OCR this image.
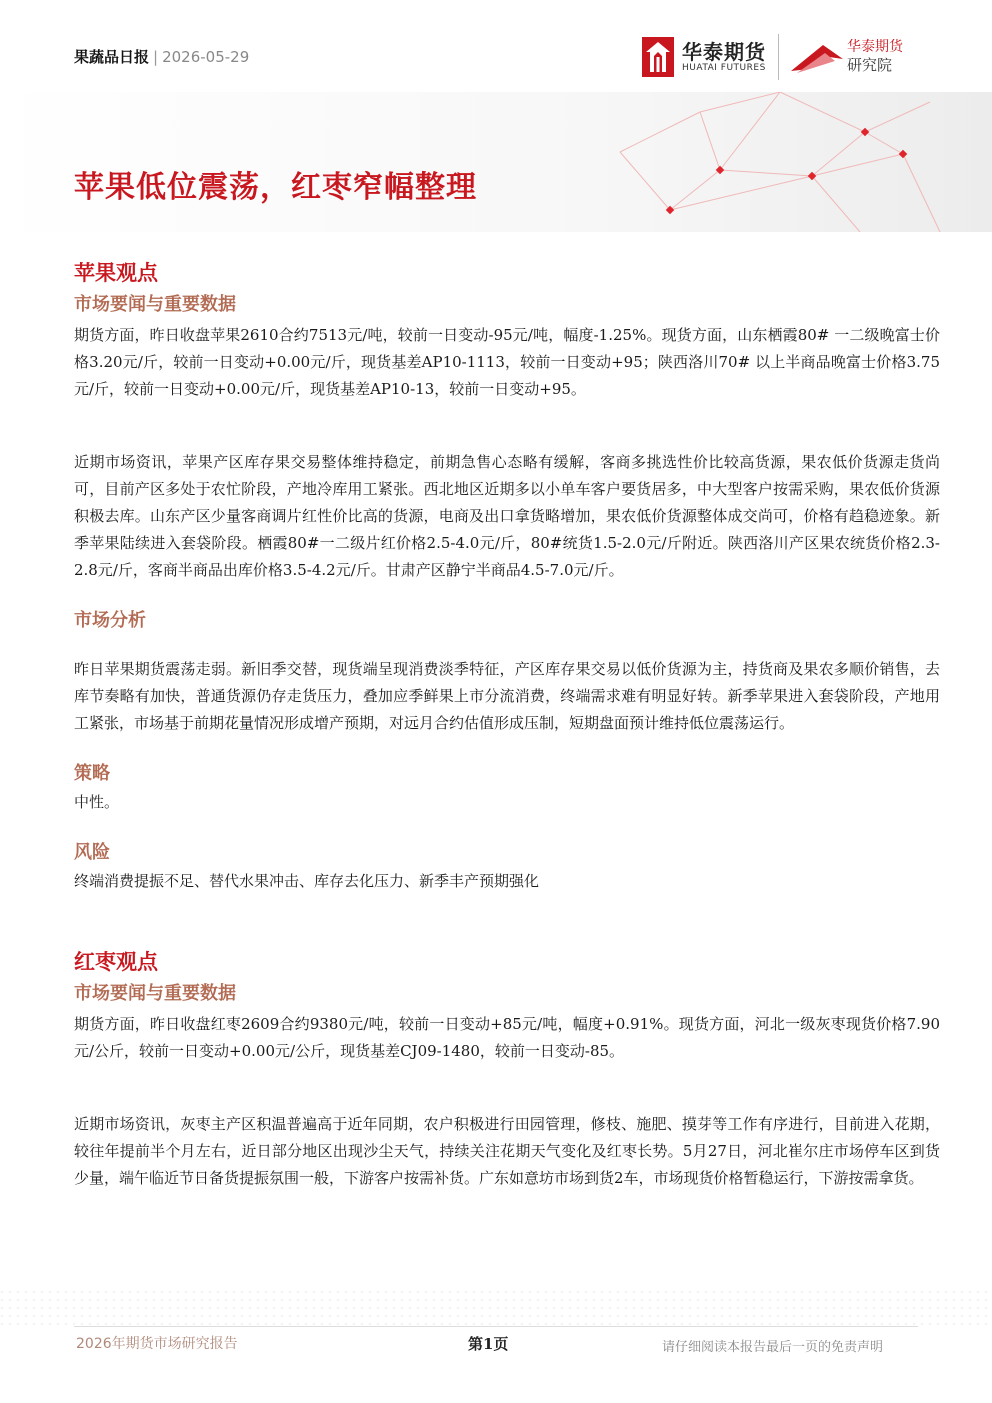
果蔬品日报 | 2026-05-29	华泰期货
HUATAI FUTURES
华泰期货
研究院
苹果低位震荡，红枣窄幅整理
苹果观点
市场要闻与重要数据

期货方面，昨日收盘苹果2610合约7513元/吨，较前一日变动-95元/吨，幅度-1.25%。现货方面，山东栖霞80# 一二级晚富士价格3.20元/斤，较前一日变动+0.00元/斤，现货基差AP10-1113，较前一日变动+95；陕西洛川70# 以上半商品晚富士价格3.75元/斤，较前一日变动+0.00元/斤，现货基差AP10-13，较前一日变动+95。

近期市场资讯，苹果产区库存果交易整体维持稳定，前期急售心态略有缓解，客商多挑选性价比较高货源，果农低价货源走货尚可，目前产区多处于农忙阶段，产地冷库用工紧张。西北地区近期多以小单车客户要货居多，中大型客户按需采购，果农低价货源积极去库。山东产区少量客商调片红性价比高的货源，电商及出口拿货略增加，果农低价货源整体成交尚可，价格有趋稳迹象。新季苹果陆续进入套袋阶段。栖霞80#一二级片红价格2.5-4.0元/斤，80#统货1.5-2.0元/斤附近。陕西洛川产区果农统货价格2.3-2.8元/斤，客商半商品出库价格3.5-4.2元/斤。甘肃产区静宁半商品4.5-7.0元/斤。

市场分析

昨日苹果期货震荡走弱。新旧季交替，现货端呈现消费淡季特征，产区库存果交易以低价货源为主，持货商及果农多顺价销售，去库节奏略有加快，普通货源仍存走货压力，叠加应季鲜果上市分流消费，终端需求难有明显好转。新季苹果进入套袋阶段，产地用工紧张，市场基于前期花量情况形成增产预期，对远月合约估值形成压制，短期盘面预计维持低位震荡运行。

策略

中性。

风险

终端消费提振不足、替代水果冲击、库存去化压力、新季丰产预期强化

红枣观点
市场要闻与重要数据

期货方面，昨日收盘红枣2609合约9380元/吨，较前一日变动+85元/吨，幅度+0.91%。现货方面，河北一级灰枣现货价格7.90元/公斤，较前一日变动+0.00元/公斤，现货基差CJ09-1480，较前一日变动-85。

近期市场资讯，灰枣主产区积温普遍高于近年同期，农户积极进行田园管理，修枝、施肥、摸芽等工作有序进行，目前进入花期，较往年提前半个月左右，近日部分地区出现沙尘天气，持续关注花期天气变化及红枣长势。5月27日，河北崔尔庄市场停车区到货少量，端午临近节日备货提振氛围一般，下游客户按需补货。广东如意坊市场到货2车，市场现货价格暂稳运行，下游按需拿货。

2026年期货市场研究报告	第1页	请仔细阅读本报告最后一页的免责声明
